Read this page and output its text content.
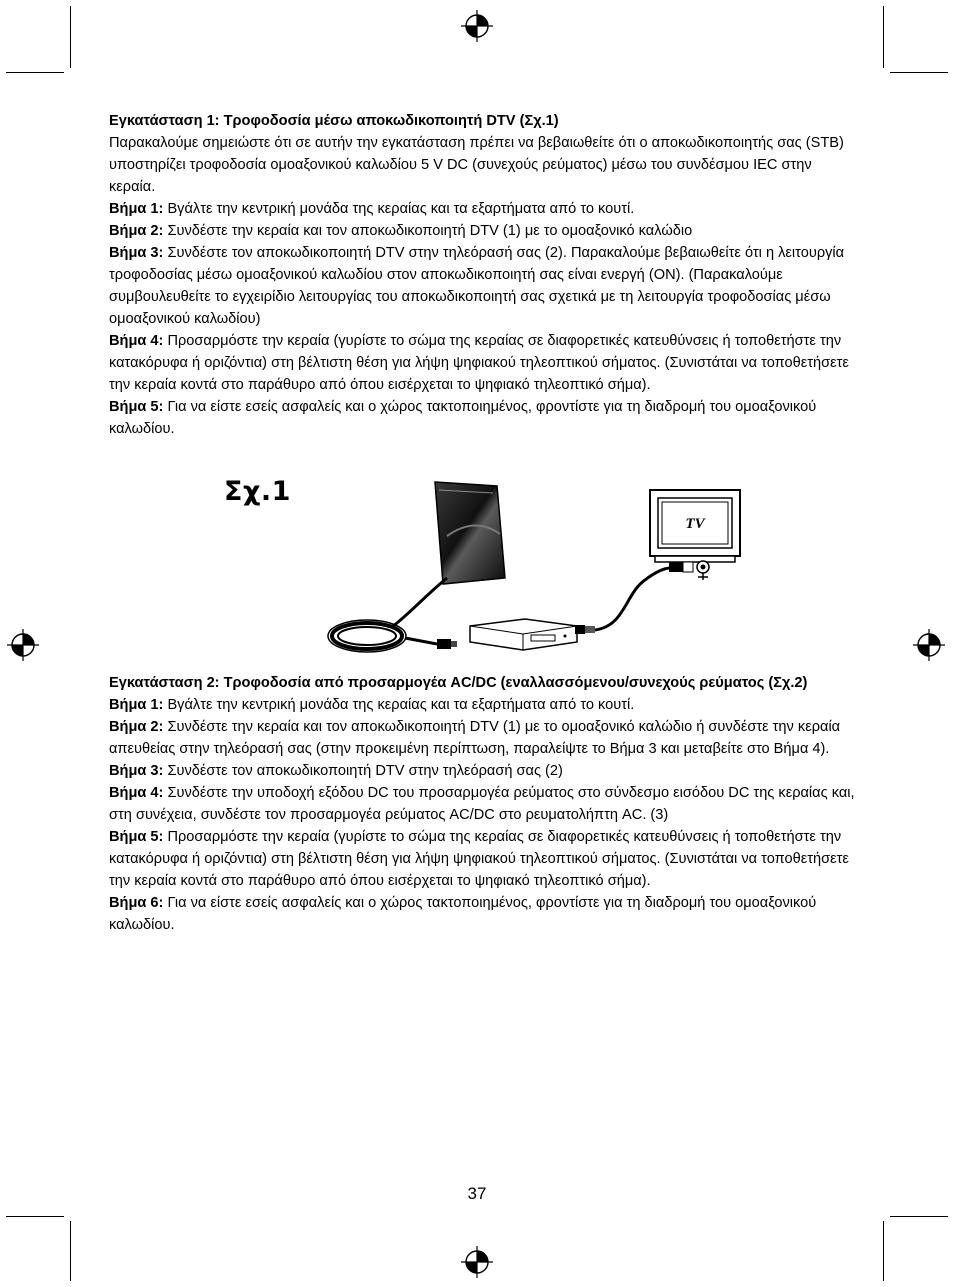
Εγκατάσταση 1: Τροφοδοσία μέσω αποκωδικοποιητή DTV (Σχ.1)

Παρακαλούμε σημειώστε ότι σε αυτήν την εγκατάσταση πρέπει να βεβαιωθείτε ότι ο αποκωδικοποιητής σας (STB) υποστηρίζει τροφοδοσία ομοαξονικού καλωδίου 5 V DC (συνεχούς ρεύματος) μέσω του συνδέσμου IEC στην κεραία.

Βήμα 1: Βγάλτε την κεντρική μονάδα της κεραίας και τα εξαρτήματα από το κουτί.

Βήμα 2: Συνδέστε την κεραία και τον αποκωδικοποιητή DTV (1) με το ομοαξονικό καλώδιο

Βήμα 3: Συνδέστε τον αποκωδικοποιητή DTV στην τηλεόρασή σας (2). Παρακαλούμε βεβαιωθείτε ότι η λειτουργία τροφοδοσίας μέσω ομοαξονικού καλωδίου στον αποκωδικοποιητή σας είναι ενεργή (ON). (Παρακαλούμε συμβουλευθείτε το εγχειρίδιο λειτουργίας του αποκωδικοποιητή σας σχετικά με τη λειτουργία τροφοδοσίας μέσω ομοαξονικού καλωδίου)

Βήμα 4: Προσαρμόστε την κεραία (γυρίστε το σώμα της κεραίας σε διαφορετικές κατευθύνσεις ή τοποθετήστε την κατακόρυφα ή οριζόντια) στη βέλτιστη θέση για λήψη ψηφιακού τηλεοπτικού σήματος. (Συνιστάται να τοποθετήσετε την κεραία κοντά στο παράθυρο από όπου εισέρχεται το ψηφιακό τηλεοπτικό σήμα).

Βήμα 5: Για να είστε εσείς ασφαλείς και ο χώρος τακτοποιημένος, φροντίστε για τη διαδρομή του ομοαξονικού καλωδίου.

Σχ.1
TV

Εγκατάσταση 2: Τροφοδοσία από προσαρμογέα AC/DC (εναλλασσόμενου/συνεχούς ρεύματος (Σχ.2)

Βήμα 1: Βγάλτε την κεντρική μονάδα της κεραίας και τα εξαρτήματα από το κουτί.

Βήμα 2: Συνδέστε την κεραία και τον αποκωδικοποιητή DTV (1) με το ομοαξονικό καλώδιο ή συνδέστε την κεραία απευθείας στην τηλεόρασή σας (στην προκειμένη περίπτωση, παραλείψτε το Βήμα 3 και μεταβείτε στο Βήμα 4).

Βήμα 3: Συνδέστε τον αποκωδικοποιητή DTV στην τηλεόρασή σας (2)

Βήμα 4: Συνδέστε την υποδοχή εξόδου DC του προσαρμογέα ρεύματος στο σύνδεσμο εισόδου DC της κεραίας και, στη συνέχεια, συνδέστε τον προσαρμογέα ρεύματος AC/DC στο ρευματολήπτη AC. (3)

Βήμα 5: Προσαρμόστε την κεραία (γυρίστε το σώμα της κεραίας σε διαφορετικές κατευθύνσεις ή τοποθετήστε την κατακόρυφα ή οριζόντια) στη βέλτιστη θέση για λήψη ψηφιακού τηλεοπτικού σήματος. (Συνιστάται να τοποθετήσετε την κεραία κοντά στο παράθυρο από όπου εισέρχεται το ψηφιακό τηλεοπτικό σήμα).

Βήμα 6: Για να είστε εσείς ασφαλείς και ο χώρος τακτοποιημένος, φροντίστε για τη διαδρομή του ομοαξονικού καλωδίου.

37
